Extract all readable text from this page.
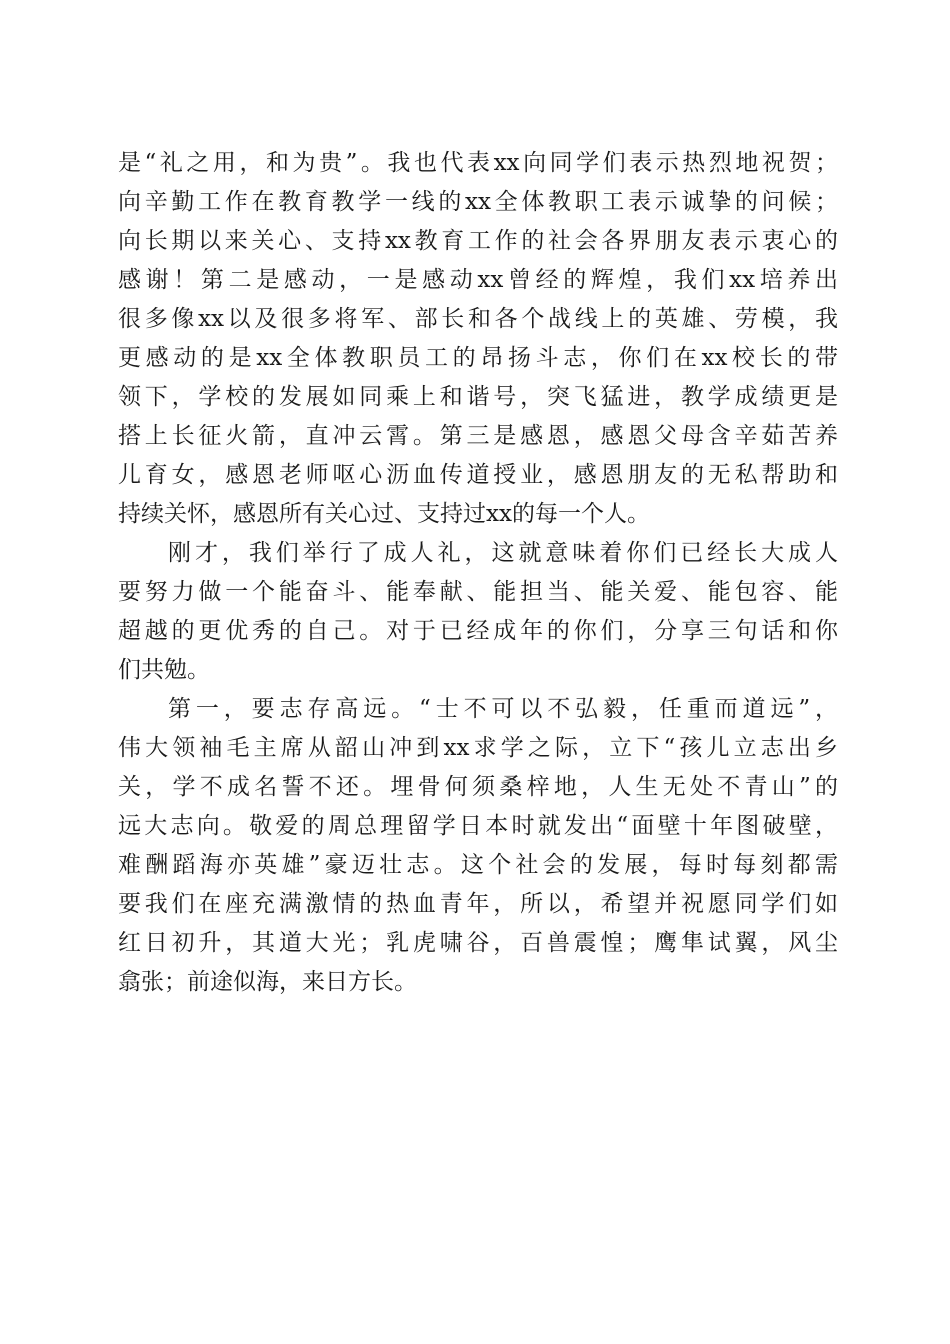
是“礼之用，和为贵”。我也代表xx向同学们表示热烈地祝贺；
向辛勤工作在教育教学一线的xx全体教职工表示诚挚的问候；
向长期以来关心、支持xx教育工作的社会各界朋友表示衷心的
感谢！第二是感动，一是感动xx曾经的辉煌，我们xx培养出
很多像xx以及很多将军、部长和各个战线上的英雄、劳模，我
更感动的是xx全体教职员工的昂扬斗志，你们在xx校长的带
领下，学校的发展如同乘上和谐号，突飞猛进，教学成绩更是
搭上长征火箭，直冲云霄。第三是感恩，感恩父母含辛茹苦养
儿育女，感恩老师呕心沥血传道授业，感恩朋友的无私帮助和
持续关怀，感恩所有关心过、支持过xx的每一个人。
刚才，我们举行了成人礼，这就意味着你们已经长大成人
要努力做一个能奋斗、能奉献、能担当、能关爱、能包容、能
超越的更优秀的自己。对于已经成年的你们，分享三句话和你
们共勉。
第一，要志存高远。“士不可以不弘毅，任重而道远”，
伟大领袖毛主席从韶山冲到xx求学之际，立下“孩儿立志出乡
关，学不成名誓不还。埋骨何须桑梓地，人生无处不青山”的
远大志向。敬爱的周总理留学日本时就发出“面壁十年图破壁，
难酬蹈海亦英雄”豪迈壮志。这个社会的发展，每时每刻都需
要我们在座充满激情的热血青年，所以，希望并祝愿同学们如
红日初升，其道大光；乳虎啸谷，百兽震惶；鹰隼试翼，风尘
翕张；前途似海，来日方长。
